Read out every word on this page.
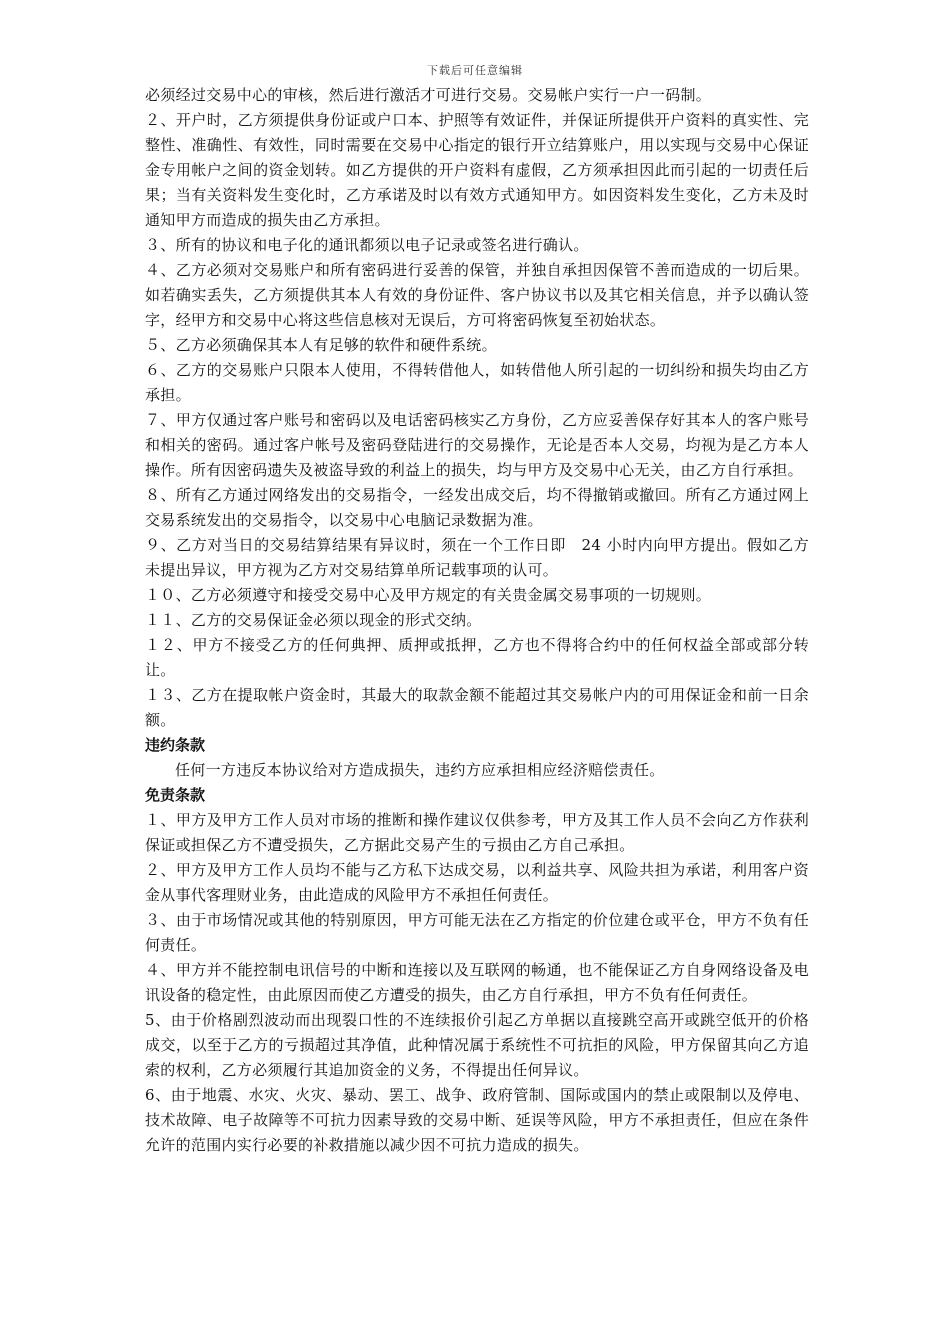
下载后可任意编辑

必须经过交易中心的审核，然后进行激活才可进行交易。交易帐户实行一户一码制。

２、开户时，乙方须提供身份证或户口本、护照等有效证件，并保证所提供开户资料的真实性、完整性、准确性、有效性，同时需要在交易中心指定的银行开立结算账户，用以实现与交易中心保证金专用帐户之间的资金划转。如乙方提供的开户资料有虚假，乙方须承担因此而引起的一切责任后果；当有关资料发生变化时，乙方承诺及时以有效方式通知甲方。如因资料发生变化，乙方未及时通知甲方而造成的损失由乙方承担。

３、所有的协议和电子化的通讯都须以电子记录或签名进行确认。

４、乙方必须对交易账户和所有密码进行妥善的保管，并独自承担因保管不善而造成的一切后果。如若确实丢失，乙方须提供其本人有效的身份证件、客户协议书以及其它相关信息，并予以确认签字，经甲方和交易中心将这些信息核对无误后，方可将密码恢复至初始状态。

５、乙方必须确保其本人有足够的软件和硬件系统。

６、乙方的交易账户只限本人使用，不得转借他人，如转借他人所引起的一切纠纷和损失均由乙方承担。

７、甲方仅通过客户账号和密码以及电话密码核实乙方身份，乙方应妥善保存好其本人的客户账号和相关的密码。通过客户帐号及密码登陆进行的交易操作，无论是否本人交易，均视为是乙方本人操作。所有因密码遗失及被盗导致的利益上的损失，均与甲方及交易中心无关，由乙方自行承担。

８、所有乙方通过网络发出的交易指令，一经发出成交后，均不得撤销或撤回。所有乙方通过网上交易系统发出的交易指令，以交易中心电脑记录数据为准。

９、乙方对当日的交易结算结果有异议时，须在一个工作日即　24 小时内向甲方提出。假如乙方未提出异议，甲方视为乙方对交易结算单所记载事项的认可。

１０、乙方必须遵守和接受交易中心及甲方规定的有关贵金属交易事项的一切规则。

１１、乙方的交易保证金必须以现金的形式交纳。

１２、甲方不接受乙方的任何典押、质押或抵押，乙方也不得将合约中的任何权益全部或部分转让。

１３、乙方在提取帐户资金时，其最大的取款金额不能超过其交易帐户内的可用保证金和前一日余额。

违约条款

任何一方违反本协议给对方造成损失，违约方应承担相应经济赔偿责任。

免责条款

１、甲方及甲方工作人员对市场的推断和操作建议仅供参考，甲方及其工作人员不会向乙方作获利保证或担保乙方不遭受损失，乙方据此交易产生的亏损由乙方自己承担。

２、甲方及甲方工作人员均不能与乙方私下达成交易，以利益共享、风险共担为承诺，利用客户资金从事代客理财业务，由此造成的风险甲方不承担任何责任。

３、由于市场情况或其他的特别原因，甲方可能无法在乙方指定的价位建仓或平仓，甲方不负有任何责任。

４、甲方并不能控制电讯信号的中断和连接以及互联网的畅通，也不能保证乙方自身网络设备及电讯设备的稳定性，由此原因而使乙方遭受的损失，由乙方自行承担，甲方不负有任何责任。

5、由于价格剧烈波动而出现裂口性的不连续报价引起乙方单据以直接跳空高开或跳空低开的价格成交，以至于乙方的亏损超过其净值，此种情况属于系统性不可抗拒的风险，甲方保留其向乙方追索的权利，乙方必须履行其追加资金的义务，不得提出任何异议。

6、由于地震、水灾、火灾、暴动、罢工、战争、政府管制、国际或国内的禁止或限制以及停电、技术故障、电子故障等不可抗力因素导致的交易中断、延误等风险，甲方不承担责任，但应在条件允许的范围内实行必要的补救措施以减少因不可抗力造成的损失。
